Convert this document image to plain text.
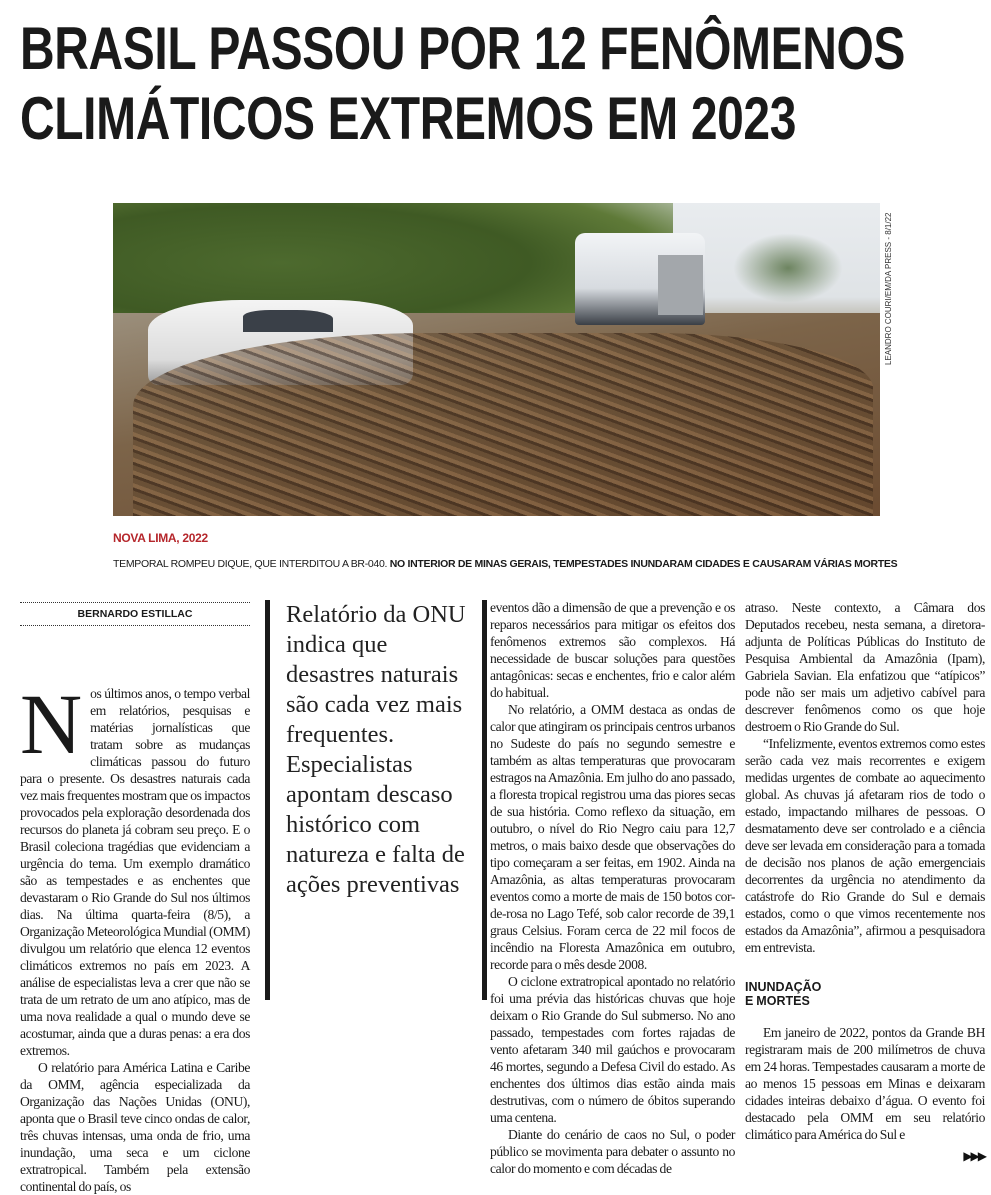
BRASIL PASSOU POR 12 FENÔMENOS
CLIMÁTICOS EXTREMOS EM 2023
LEANDRO COURI/EM/DA PRESS - 8/1/22
NOVA LIMA, 2022
TEMPORAL ROMPEU DIQUE, QUE INTERDITOU A BR-040. NO INTERIOR DE MINAS GERAIS, TEMPESTADES INUNDARAM CIDADES E CAUSARAM VÁRIAS MORTES
BERNARDO ESTILLAC

Nos últimos anos, o tempo verbal em relatórios, pesquisas e matérias jornalísticas que tratam sobre as mudanças climáticas passou do futuro para o presente. Os desastres naturais cada vez mais frequentes mostram que os impactos provocados pela exploração desordenada dos recursos do planeta já cobram seu preço. E o Brasil coleciona tragédias que evidenciam a urgência do tema. Um exemplo dramático são as tempestades e as enchentes que devastaram o Rio Grande do Sul nos últimos dias. Na última quarta-feira (8/5), a Organização Meteorológica Mundial (OMM) divulgou um relatório que elenca 12 eventos climáticos extremos no país em 2023. A análise de especialistas leva a crer que não se trata de um retrato de um ano atípico, mas de uma nova realidade a qual o mundo deve se acostumar, ainda que a duras penas: a era dos extremos.

O relatório para América Latina e Caribe da OMM, agência especializada da Organização das Nações Unidas (ONU), aponta que o Brasil teve cinco ondas de calor, três chuvas intensas, uma onda de frio, uma inundação, uma seca e um ciclone extratropical. Também pela extensão continental do país, os

Relatório da ONU indica que desastres naturais são cada vez mais frequentes. Especialistas apontam descaso histórico com natureza e falta de ações preventivas

eventos dão a dimensão de que a prevenção e os reparos necessários para mitigar os efeitos dos fenômenos extremos são complexos. Há necessidade de buscar soluções para questões antagônicas: secas e enchentes, frio e calor além do habitual.

No relatório, a OMM destaca as ondas de calor que atingiram os principais centros urbanos no Sudeste do país no segundo semestre e também as altas temperaturas que provocaram estragos na Amazônia. Em julho do ano passado, a floresta tropical registrou uma das piores secas de sua história. Como reflexo da situação, em outubro, o nível do Rio Negro caiu para 12,7 metros, o mais baixo desde que observações do tipo começaram a ser feitas, em 1902. Ainda na Amazônia, as altas temperaturas provocaram eventos como a morte de mais de 150 botos cor-de-rosa no Lago Tefé, sob calor recorde de 39,1 graus Celsius. Foram cerca de 22 mil focos de incêndio na Floresta Amazônica em outubro, recorde para o mês desde 2008.

O ciclone extratropical apontado no relatório foi uma prévia das históricas chuvas que hoje deixam o Rio Grande do Sul submerso. No ano passado, tempestades com fortes rajadas de vento afetaram 340 mil gaúchos e provocaram 46 mortes, segundo a Defesa Civil do estado. As enchentes dos últimos dias estão ainda mais destrutivas, com o número de óbitos superando uma centena.

Diante do cenário de caos no Sul, o poder público se movimenta para debater o assunto no calor do momento e com décadas de

atraso. Neste contexto, a Câmara dos Deputados recebeu, nesta semana, a diretora-adjunta de Políticas Públicas do Instituto de Pesquisa Ambiental da Amazônia (Ipam), Gabriela Savian. Ela enfatizou que “atípicos” pode não ser mais um adjetivo cabível para descrever fenômenos como os que hoje destroem o Rio Grande do Sul.

“Infelizmente, eventos extremos como estes serão cada vez mais recorrentes e exigem medidas urgentes de combate ao aquecimento global. As chuvas já afetaram rios de todo o estado, impactando milhares de pessoas. O desmatamento deve ser controlado e a ciência deve ser levada em consideração para a tomada de decisão nos planos de ação emergenciais decorrentes da urgência no atendimento da catástrofe do Rio Grande do Sul e demais estados, como o que vimos recentemente nos estados da Amazônia”, afirmou a pesquisadora em entrevista.

INUNDAÇÃO
E MORTES

Em janeiro de 2022, pontos da Grande BH registraram mais de 200 milímetros de chuva em 24 horas. Tempestades causaram a morte de ao menos 15 pessoas em Minas e deixaram cidades inteiras debaixo d’água. O evento foi destacado pela OMM em seu relatório climático para América do Sul e

▶▶▶
